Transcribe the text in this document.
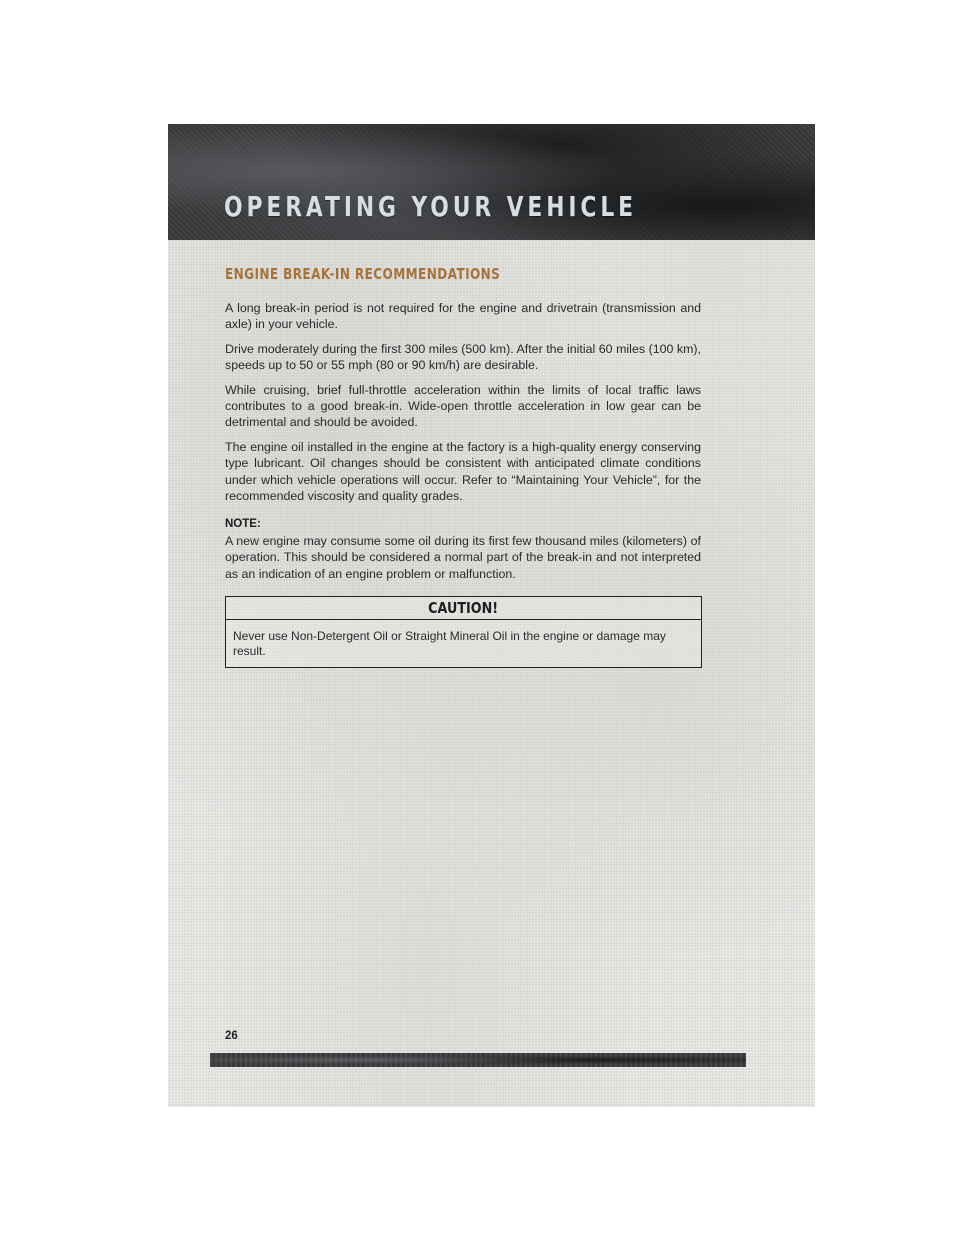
OPERATING YOUR VEHICLE
ENGINE BREAK-IN RECOMMENDATIONS

A long break-in period is not required for the engine and drivetrain (transmission and axle) in your vehicle.

Drive moderately during the first 300 miles (500 km). After the initial 60 miles (100 km), speeds up to 50 or 55 mph (80 or 90 km/h) are desirable.

While cruising, brief full-throttle acceleration within the limits of local traffic laws contributes to a good break-in. Wide-open throttle acceleration in low gear can be detrimental and should be avoided.

The engine oil installed in the engine at the factory is a high-quality energy conserving type lubricant. Oil changes should be consistent with anticipated climate conditions under which vehicle operations will occur. Refer to “Maintaining Your Vehicle”, for the recommended viscosity and quality grades.

NOTE:

A new engine may consume some oil during its first few thousand miles (kilometers) of operation. This should be considered a normal part of the break-in and not interpreted as an indication of an engine problem or malfunction.

CAUTION!
Never use Non-Detergent Oil or Straight Mineral Oil in the engine or damage may result.
26
